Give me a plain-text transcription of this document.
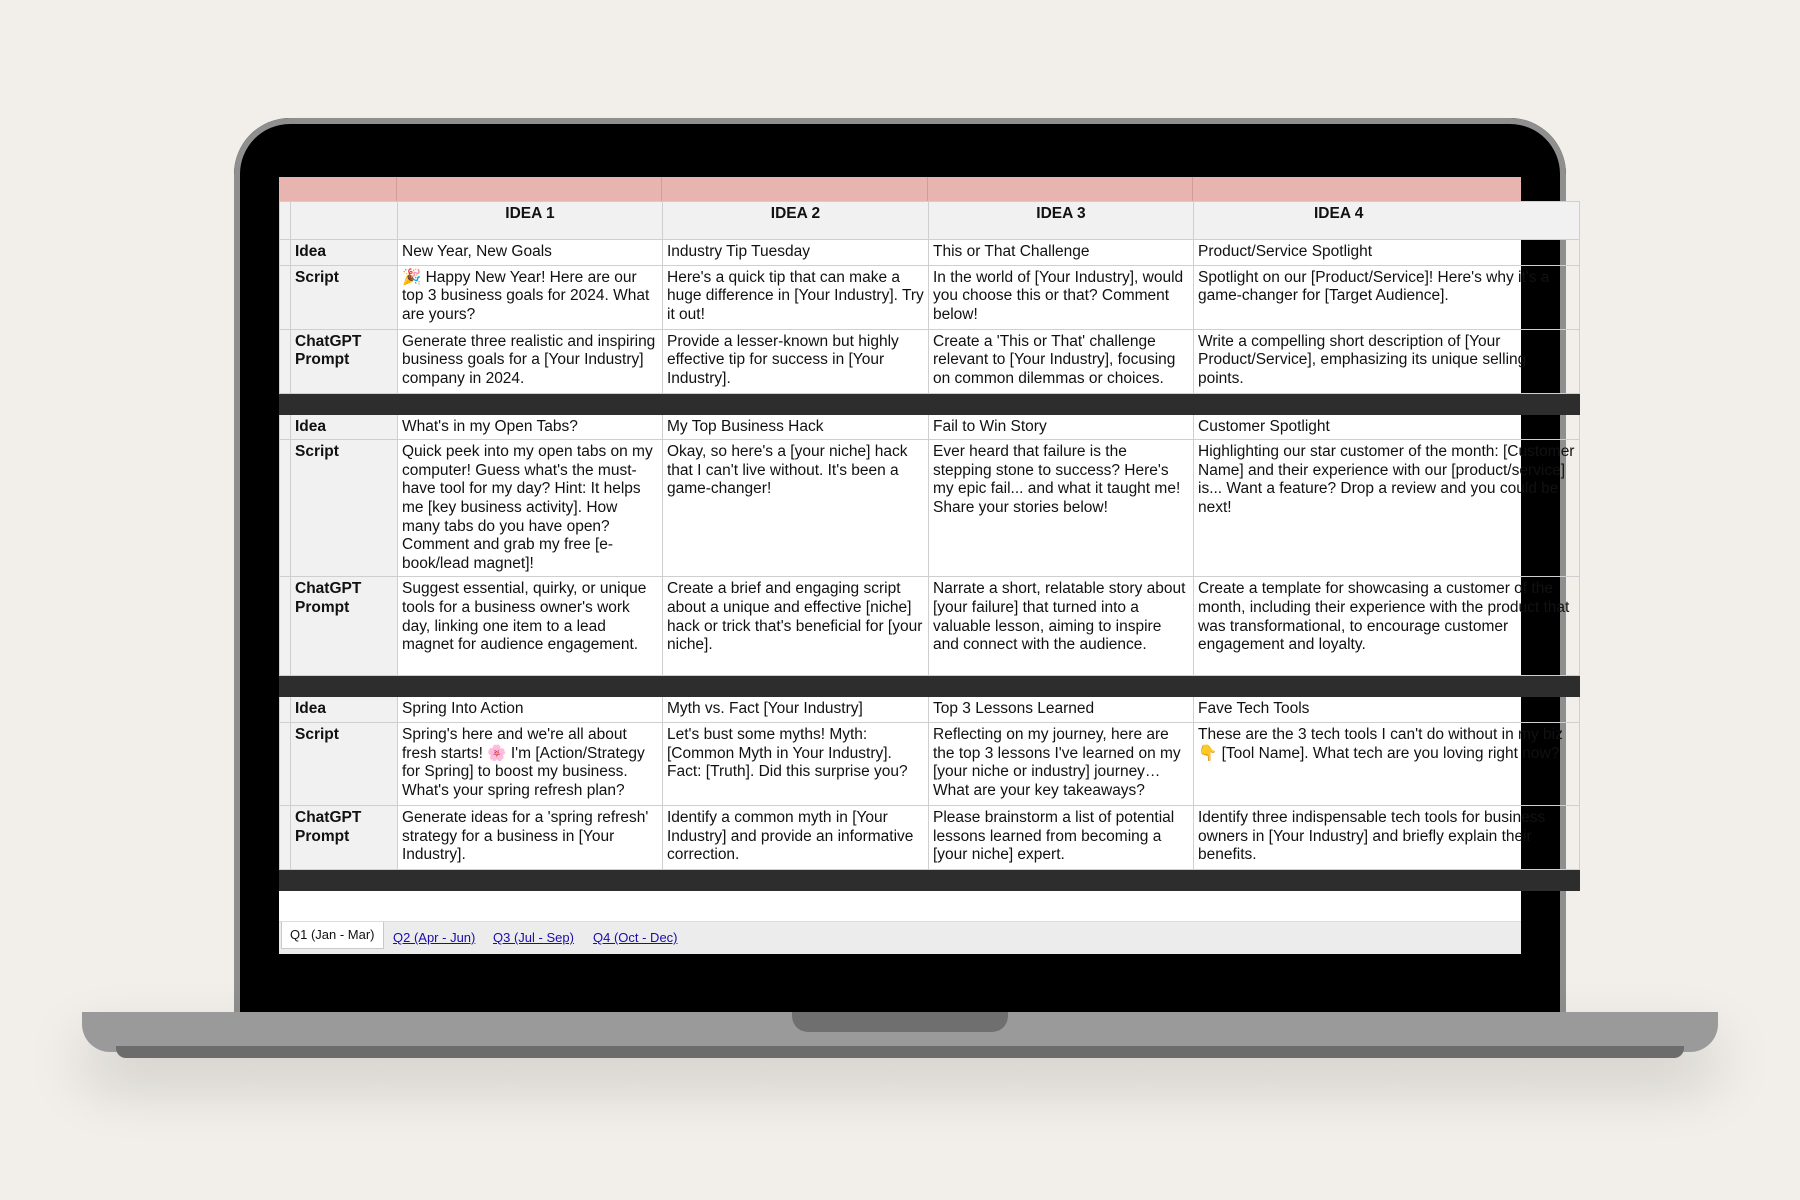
		IDEA 1	IDEA 2	IDEA 3	IDEA 4
	Idea	New Year, New Goals	Industry Tip Tuesday	This or That Challenge	Product/Service Spotlight
	Script	🎉 Happy New Year! Here are our top 3 business goals for 2024. What are yours?	Here's a quick tip that can make a huge difference in [Your Industry]. Try it out!	In the world of [Your Industry], would you choose this or that? Comment below!	Spotlight on our [Product/Service]! Here's why it's a game-changer for [Target Audience].
	ChatGPT Prompt	Generate three realistic and inspiring business goals for a [Your Industry] company in 2024.	Provide a lesser-known but highly effective tip for success in [Your Industry].	Create a 'This or That' challenge relevant to [Your Industry], focusing on common dilemmas or choices.	Write a compelling short description of [Your Product/Service], emphasizing its unique selling points.

	Idea	What's in my Open Tabs?	My Top Business Hack	Fail to Win Story	Customer Spotlight
	Script	Quick peek into my open tabs on my computer! Guess what's the must-have tool for my day? Hint: It helps me [key business activity]. How many tabs do you have open? Comment and grab my free [e-book/lead magnet]!	Okay, so here's a [your niche] hack that I can't live without. It's been a game-changer!	Ever heard that failure is the stepping stone to success? Here's my epic fail... and what it taught me! Share your stories below!	Highlighting our star customer of the month: [Customer Name] and their experience with our [product/service] is... Want a feature? Drop a review and you could be next!
	ChatGPT Prompt	Suggest essential, quirky, or unique tools for a business owner's work day, linking one item to a lead magnet for audience engagement.	Create a brief and engaging script about a unique and effective [niche] hack or trick that's beneficial for [your niche].	Narrate a short, relatable story about [your failure] that turned into a valuable lesson, aiming to inspire and connect with the audience.	Create a template for showcasing a customer of the month, including their experience with the product that was transformational, to encourage customer engagement and loyalty.

	Idea	Spring Into Action	Myth vs. Fact [Your Industry]	Top 3 Lessons Learned	Fave Tech Tools
	Script	Spring's here and we're all about fresh starts! 🌸 I'm [Action/Strategy for Spring] to boost my business. What's your spring refresh plan?	Let's bust some myths! Myth: [Common Myth in Your Industry]. Fact: [Truth]. Did this surprise you?	Reflecting on my journey, here are the top 3 lessons I've learned on my [your niche or industry] journey… What are your key takeaways?	These are the 3 tech tools I can't do without in my biz 👇 [Tool Name]. What tech are you loving right now?
	ChatGPT Prompt	Generate ideas for a 'spring refresh' strategy for a business in [Your Industry].	Identify a common myth in [Your Industry] and provide an informative correction.	Please brainstorm a list of potential lessons learned from becoming a [your niche] expert.	Identify three indispensable tech tools for business owners in [Your Industry] and briefly explain their benefits.

Q1 (Jan - Mar)	Q2 (Apr - Jun)	Q3 (Jul - Sep)	Q4 (Oct - Dec)
